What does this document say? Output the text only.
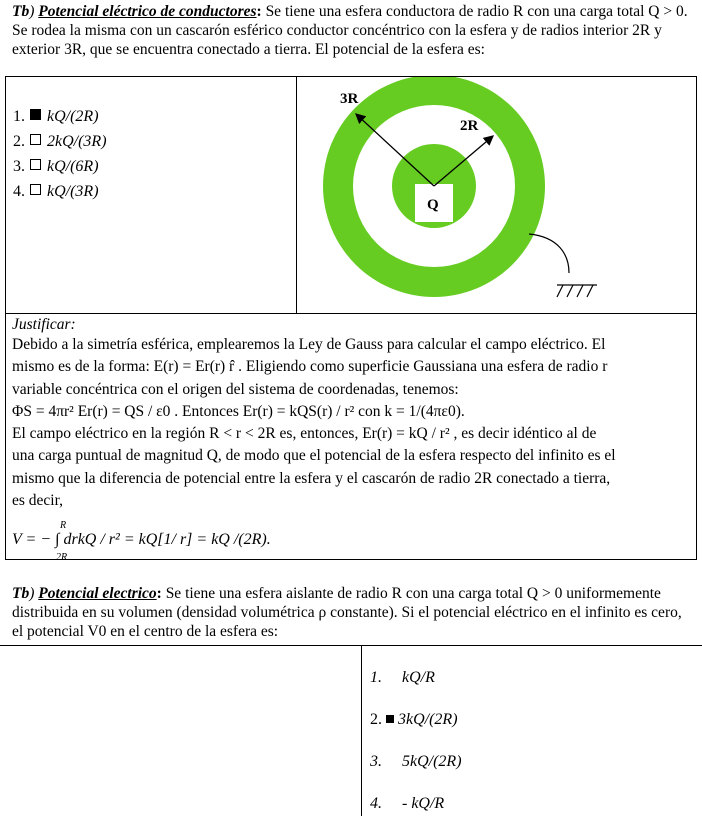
Tb) Potencial eléctrico de conductores: Se tiene una esfera conductora de radio R con una carga total Q > 0. Se rodea la misma con un cascarón esférico conductor concéntrico con la esfera y de radios interior 2R y exterior 3R, que se encuentra conectado a tierra. El potencial de la esfera es:
1. kQ/(2R)
2. 2kQ/(3R)
3. kQ/(6R)
4. kQ/(3R)
3R
2R
Q
Justificar:

Debido a la simetría esférica, emplearemos la Ley de Gauss para calcular el campo eléctrico. El

mismo es de la forma: E(r) = Er(r) r̂ . Eligiendo como superficie Gaussiana una esfera de radio r

variable concéntrica con el origen del sistema de coordenadas, tenemos:

ΦS = 4πr² Er(r) = QS / ε0 . Entonces Er(r) = kQS(r) / r² con k = 1/(4πε0).

El campo eléctrico en la región R < r < 2R es, entonces, Er(r) = kQ / r² , es decir idéntico al de

una carga puntual de magnitud Q, de modo que el potencial de la esfera respecto del infinito es el

mismo que la diferencia de potencial entre la esfera y el cascarón de radio 2R conectado a tierra,

es decir,

V = − ∫ drkQ / r² = kQ[1/ r] = kQ /(2R).
R
2R
Tb) Potencial electrico: Se tiene una esfera aislante de radio R con una carga total Q > 0 uniformemente distribuida en su volumen (densidad volumétrica ρ constante). Si el potencial eléctrico en el infinito es cero, el potencial V0 en el centro de la esfera es:
1. kQ/R
2. 3kQ/(2R)
3. 5kQ/(2R)
4. - kQ/R
